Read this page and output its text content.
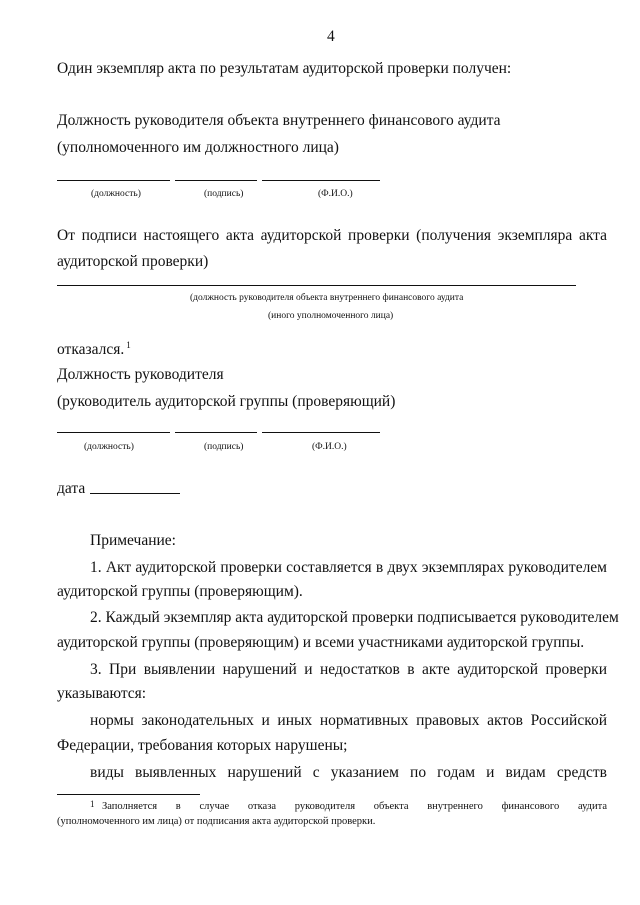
4
Один экземпляр акта по результатам аудиторской проверки получен:
Должность руководителя объекта внутреннего финансового аудита
(уполномоченного им должностного лица)
(должность)	(подпись)	(Ф.И.О.)
От подписи настоящего акта аудиторской проверки (получения экземпляра акта
аудиторской проверки)
(должность руководителя объекта внутреннего финансового аудита
(иного уполномоченного лица)
отказался. $^1$
Должность руководителя
(руководитель аудиторской группы (проверяющий)
(должность)	(подпись)	(Ф.И.О.)
дата
Примечание:
1. Акт аудиторской проверки составляется в двух экземплярах руководителем
аудиторской группы (проверяющим).
2. Каждый экземпляр акта аудиторской проверки подписывается руководителем
аудиторской группы (проверяющим) и всеми участниками аудиторской группы.
3. При выявлении нарушений и недостатков в акте аудиторской проверки
указываются:
нормы законодательных и иных нормативных правовых актов Российской
Федерации, требования которых нарушены;
виды выявленных нарушений с указанием по годам и видам средств
1 Заполняется в случае отказа руководителя объекта внутреннего финансового аудита
(уполномоченного им лица) от подписания акта аудиторской проверки.
